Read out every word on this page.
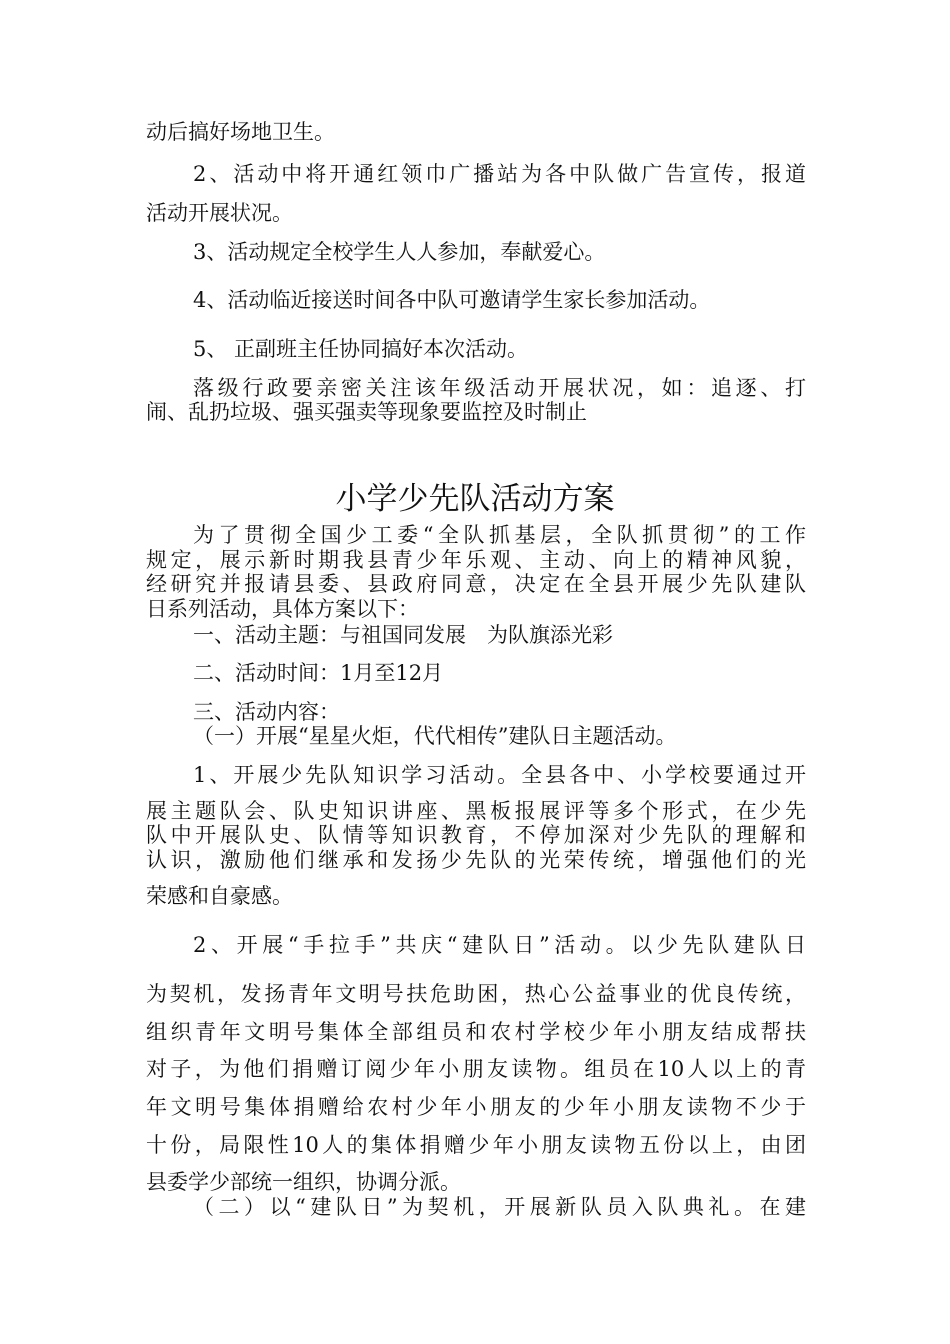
动后搞好场地卫生。
2、活动中将开通红领巾广播站为各中队做广告宣传，报道
活动开展状况。
3、活动规定全校学生人人参加，奉献爱心。
4、活动临近接送时间各中队可邀请学生家长参加活动。
5、 正副班主任协同搞好本次活动。
落级行政要亲密关注该年级活动开展状况，如：追逐、打
闹、乱扔垃圾、强买强卖等现象要监控及时制止
小学少先队活动方案
为了贯彻全国少工委“全队抓基层，全队抓贯彻”的工作
规定，展示新时期我县青少年乐观、主动、向上的精神风貌，
经研究并报请县委、县政府同意，决定在全县开展少先队建队
日系列活动，具体方案以下：
一、活动主题：与祖国同发展　为队旗添光彩
二、活动时间：1月至12月
三、活动内容：
（一）开展“星星火炬，代代相传”建队日主题活动。
1、开展少先队知识学习活动。全县各中、小学校要通过开
展主题队会、队史知识讲座、黑板报展评等多个形式，在少先
队中开展队史、队情等知识教育，不停加深对少先队的理解和
认识，激励他们继承和发扬少先队的光荣传统，增强他们的光
荣感和自豪感。
2、开展“手拉手”共庆“建队日”活动。以少先队建队日
为契机，发扬青年文明号扶危助困，热心公益事业的优良传统，
组织青年文明号集体全部组员和农村学校少年小朋友结成帮扶
对子，为他们捐赠订阅少年小朋友读物。组员在10人以上的青
年文明号集体捐赠给农村少年小朋友的少年小朋友读物不少于
十份，局限性10人的集体捐赠少年小朋友读物五份以上，由团
县委学少部统一组织，协调分派。
（二）以“建队日”为契机，开展新队员入队典礼。在建
